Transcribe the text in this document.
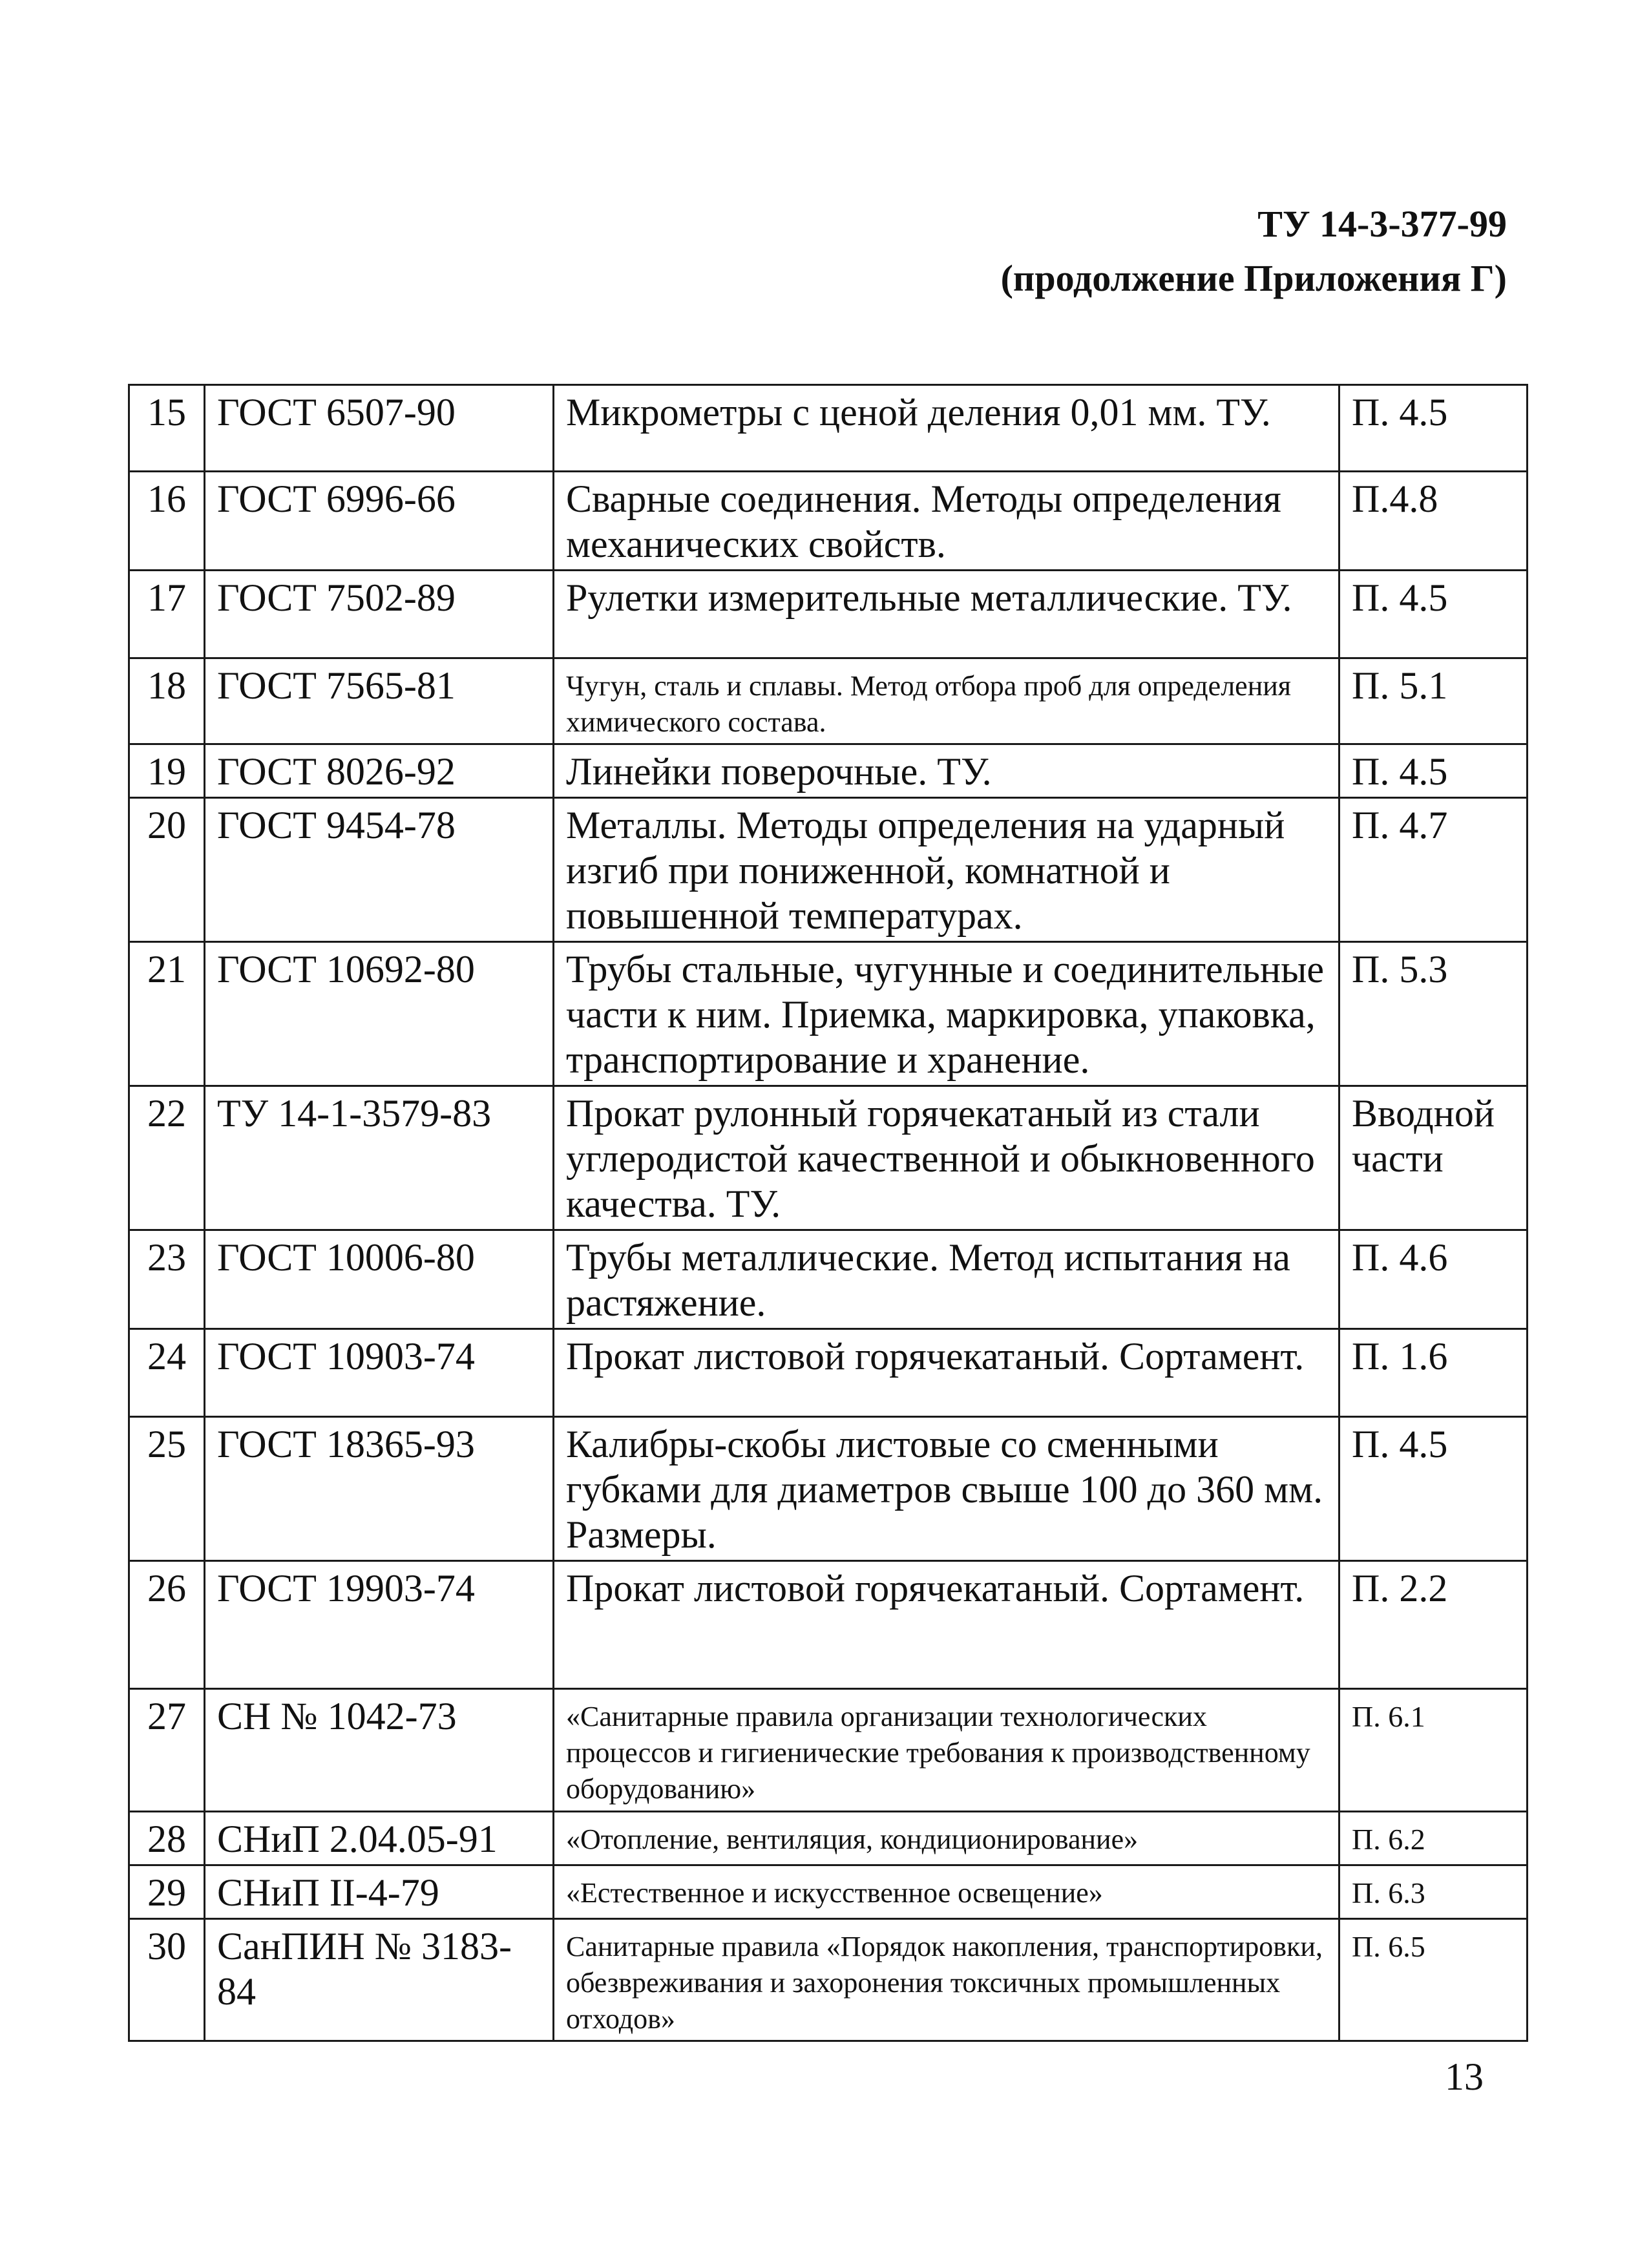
ТУ 14-3-377-99
(продолжение Приложения Г)
15	ГОСТ 6507-90	Микрометры с ценой деления 0,01 мм. ТУ.	П. 4.5
16	ГОСТ 6996-66	Сварные соединения. Методы определения механических свойств.	П.4.8
17	ГОСТ 7502-89	Рулетки измерительные металлические. ТУ.	П. 4.5
18	ГОСТ 7565-81	Чугун, сталь и сплавы. Метод отбора проб для определения химического состава.	П. 5.1
19	ГОСТ 8026-92	Линейки поверочные. ТУ.	П. 4.5
20	ГОСТ 9454-78	Металлы. Методы определения на ударный изгиб при пониженной, комнатной и повышенной температурах.	П. 4.7
21	ГОСТ 10692-80	Трубы стальные, чугунные и соединительные части к ним. Приемка, маркировка, упаковка, транспортирование и хранение.	П. 5.3
22	ТУ 14-1-3579-83	Прокат рулонный горячекатаный из стали углеродистой качественной и обыкновенного качества. ТУ.	Вводной части
23	ГОСТ 10006-80	Трубы металлические. Метод испытания на растяжение.	П. 4.6
24	ГОСТ 10903-74	Прокат листовой горячекатаный. Сортамент.	П. 1.6
25	ГОСТ 18365-93	Калибры-скобы листовые со сменными губками для диаметров свыше 100 до 360 мм. Размеры.	П. 4.5
26	ГОСТ 19903-74	Прокат листовой горячекатаный. Сортамент.	П. 2.2
27	СН № 1042-73	«Санитарные правила организации технологических процессов и гигиенические требования к производственному оборудованию»	П. 6.1
28	СНиП 2.04.05-91	«Отопление, вентиляция, кондиционирование»	П. 6.2
29	СНиП II-4-79	«Естественное и искусственное освещение»	П. 6.3
30	СанПИН № 3183-84	Санитарные правила «Порядок накопления, транспортировки, обезвреживания и захоронения токсичных промышленных отходов»	П. 6.5
13
